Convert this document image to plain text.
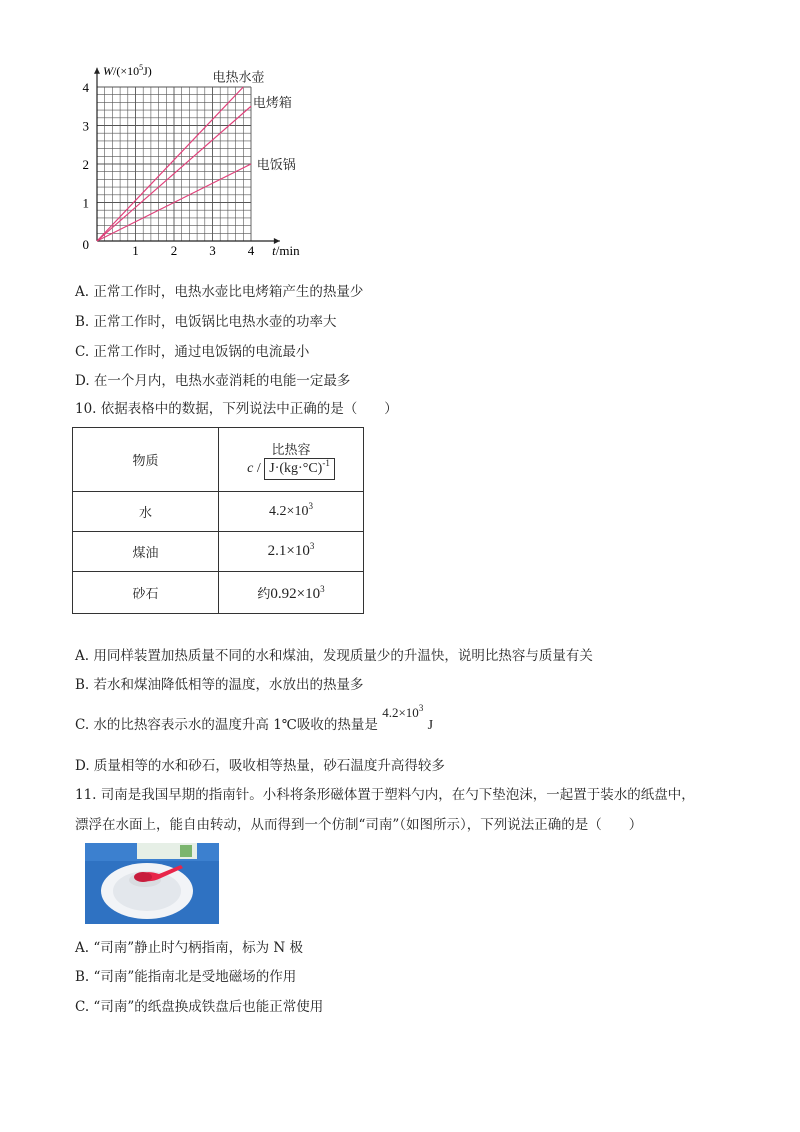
电热水壶
电烤箱
电饭锅
1 2 3 4
1
2
3
4
0
$W/(\times 10^5J)$
t/min
A. 正常工作时，电热水壶比电烤箱产生的热量少
B. 正常工作时，电饭锅比电热水壶的功率大
C. 正常工作时，通过电饭锅的电流最小
D. 在一个月内，电热水壶消耗的电能一定最多
10. 依据表格中的数据，下列说法中正确的是（　　）
物质	比热容
$c / J\cdot(kg\cdot^\circ C)^{-1}$

水	$4.2\times 10^3$
煤油	$2.1\times 10^3$
砂石	约$0.92\times 10^3$
A. 用同样装置加热质量不同的水和煤油，发现质量少的升温快，说明比热容与质量有关
B. 若水和煤油降低相等的温度，水放出的热量多
C. 水的比热容表示水的温度升高 1℃吸收的热量是 $4.2\times 10^3$ J
D. 质量相等的水和砂石，吸收相等热量，砂石温度升高得较多
11. 司南是我国早期的指南针。小科将条形磁体置于塑料勺内，在勺下垫泡沫，一起置于装水的纸盘中，
漂浮在水面上，能自由转动，从而得到一个仿制“司南”（如图所示），下列说法正确的是（　　）
A. “司南”静止时勺柄指南，标为 N 极
B. “司南”能指南北是受地磁场的作用
C. “司南”的纸盘换成铁盘后也能正常使用
